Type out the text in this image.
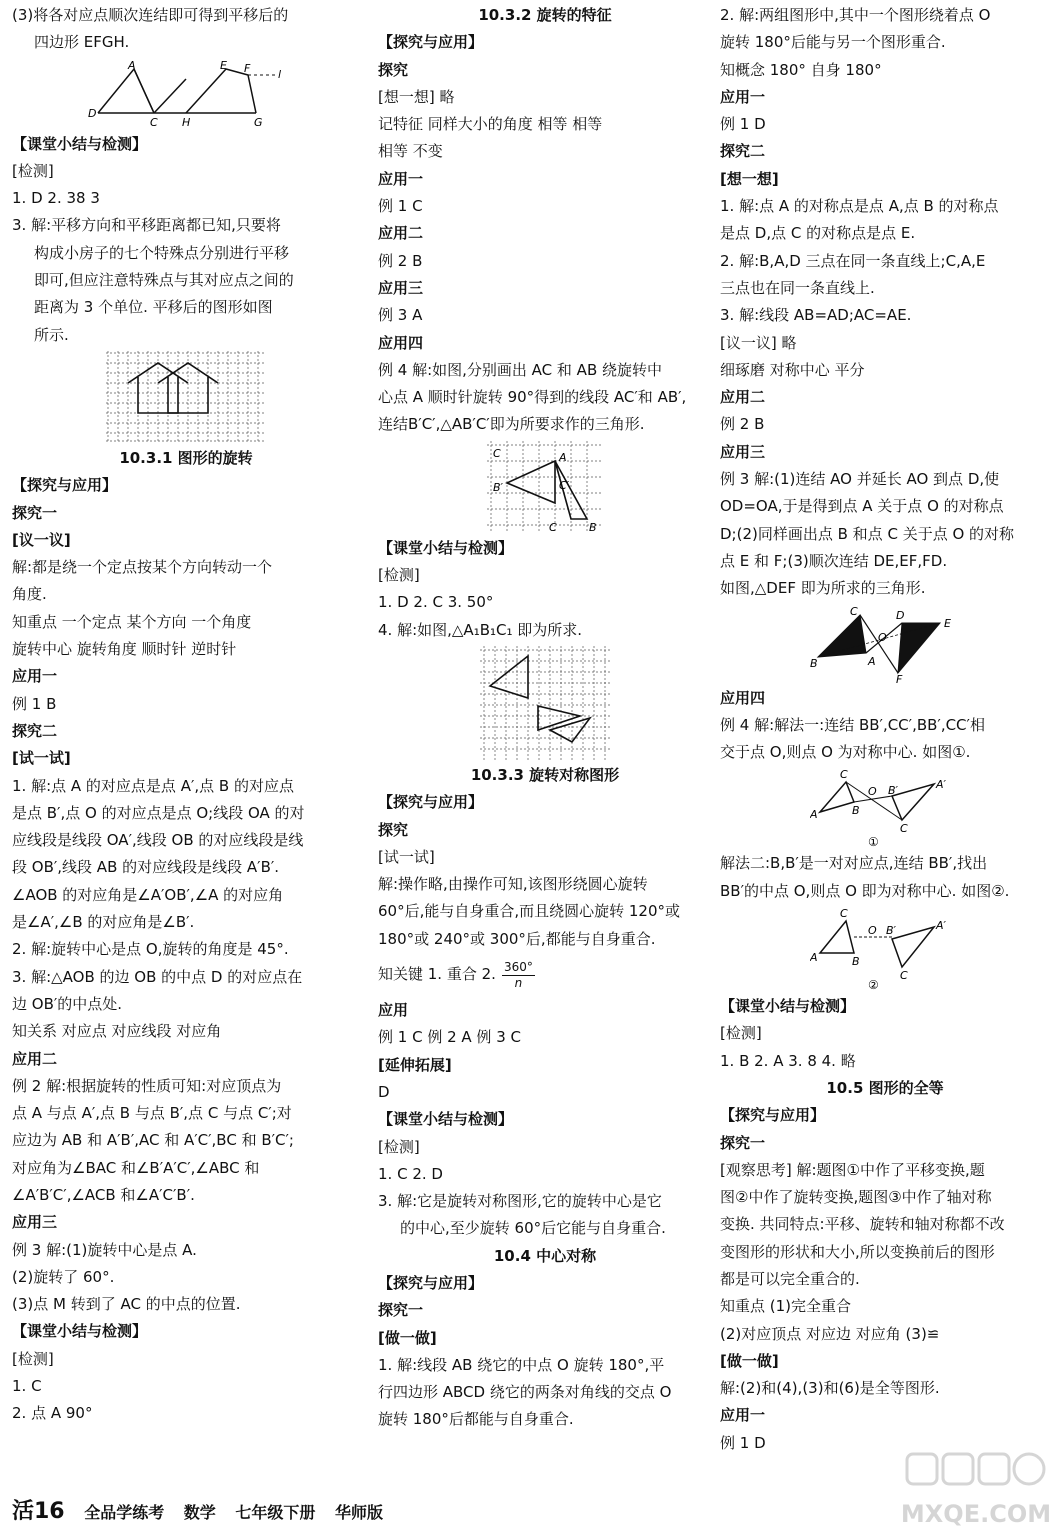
(3)将各对应点顺次连结即可得到平移后的
四边形 EFGH.
A	E F	l
D
C H	G
【课堂小结与检测】
[检测]
1. D 2. 38 3
3. 解:平移方向和平移距离都已知,只要将
构成小房子的七个特殊点分别进行平移
即可,但应注意特殊点与其对应点之间的
距离为 3 个单位. 平移后的图形如图
所示.
10.3.1 图形的旋转
【探究与应用】
探究一
[议一议]
解:都是绕一个定点按某个方向转动一个
角度.
知重点 一个定点 某个方向 一个角度
旋转中心 旋转角度 顺时针 逆时针
应用一
例 1 B
探究二
[试一试]
1. 解:点 A 的对应点是点 A′,点 B 的对应点
是点 B′,点 O 的对应点是点 O;线段 OA 的对
应线段是线段 OA′,线段 OB 的对应线段是线
段 OB′,线段 AB 的对应线段是线段 A′B′.
∠AOB 的对应角是∠A′OB′,∠A 的对应角
是∠A′,∠B 的对应角是∠B′.
2. 解:旋转中心是点 O,旋转的角度是 45°.
3. 解:△AOB 的边 OB 的中点 D 的对应点在
边 OB′的中点处.
知关系 对应点 对应线段 对应角
应用二
例 2 解:根据旋转的性质可知:对应顶点为
点 A 与点 A′,点 B 与点 B′,点 C 与点 C′;对
应边为 AB 和 A′B′,AC 和 A′C′,BC 和 B′C′;
对应角为∠BAC 和∠B′A′C′,∠ABC 和
∠A′B′C′,∠ACB 和∠A′C′B′.
应用三
例 3 解:(1)旋转中心是点 A.
(2)旋转了 60°.
(3)点 M 转到了 AC 的中点的位置.
【课堂小结与检测】
[检测]
1. C
2. 点 A 90°
10.3.2 旋转的特征
【探究与应用】
探究
[想一想] 略
记特征 同样大小的角度 相等 相等
相等 不变
应用一
例 1 C
应用二
例 2 B
应用三
例 3 A
应用四
例 4 解:如图,分别画出 AC 和 AB 绕旋转中
心点 A 顺时针旋转 90°得到的线段 AC′和 AB′,
连结B′C′,△AB′C′即为所要求作的三角形.
C	A
B′	C′
C	B
【课堂小结与检测】
[检测]
1. D 2. C 3. 50°
4. 解:如图,△A₁B₁C₁ 即为所求.
10.3.3 旋转对称图形
【探究与应用】
探究
[试一试]
解:操作略,由操作可知,该图形绕圆心旋转
60°后,能与自身重合,而且绕圆心旋转 120°或
180°或 240°或 300°后,都能与自身重合.
知关键 1. 重合 2. $\frac{360^\circ}{n}$
应用
例 1 C 例 2 A 例 3 C
[延伸拓展]
D
【课堂小结与检测】
[检测]
1. C 2. D
3. 解:它是旋转对称图形,它的旋转中心是它
的中心,至少旋转 60°后它能与自身重合.
10.4 中心对称
【探究与应用】
探究一
[做一做]
1. 解:线段 AB 绕它的中点 O 旋转 180°,平
行四边形 ABCD 绕它的两条对角线的交点 O
旋转 180°后都能与自身重合.
2. 解:两组图形中,其中一个图形绕着点 O
旋转 180°后能与另一个图形重合.
知概念 180° 自身 180°
应用一
例 1 D
探究二
[想一想]
1. 解:点 A 的对称点是点 A,点 B 的对称点
是点 D,点 C 的对称点是点 E.
2. 解:B,A,D 三点在同一条直线上;C,A,E
三点也在同一条直线上.
3. 解:线段 AB=AD;AC=AE.
[议一议] 略
细琢磨 对称中心 平分
应用二
例 2 B
应用三
例 3 解:(1)连结 AO 并延长 AO 到点 D,使
OD=OA,于是得到点 A 关于点 O 的对称点
D;(2)同样画出点 B 和点 C 关于点 O 的对称
点 E 和 F;(3)顺次连结 DE,EF,FD.
如图,△DEF 即为所求的三角形.
C	D
O
A
E
B
F
应用四
例 4 解:解法一:连结 BB′,CC′,BB′,CC′相
交于点 O,则点 O 为对称中心. 如图①.
C
O B′	A′
A	B
C
①
解法二:B,B′是一对对应点,连结 BB′,找出
BB′的中点 O,则点 O 即为对称中心. 如图②.
C
O B′	A′
A	B
C
②
【课堂小结与检测】
[检测]
1. B 2. A 3. 8 4. 略
10.5 图形的全等
【探究与应用】
探究一
[观察思考] 解:题图①中作了平移变换,题
图②中作了旋转变换,题图③中作了轴对称
变换. 共同特点:平移、旋转和轴对称都不改
变图形的形状和大小,所以变换前后的图形
都是可以完全重合的.
知重点 (1)完全重合
(2)对应顶点 对应边 对应角 (3)≌
[做一做]
解:(2)和(4),(3)和(6)是全等图形.
应用一
例 1 D
活16 全品学练考 数学 七年级下册 华师版	MXQE.COM
